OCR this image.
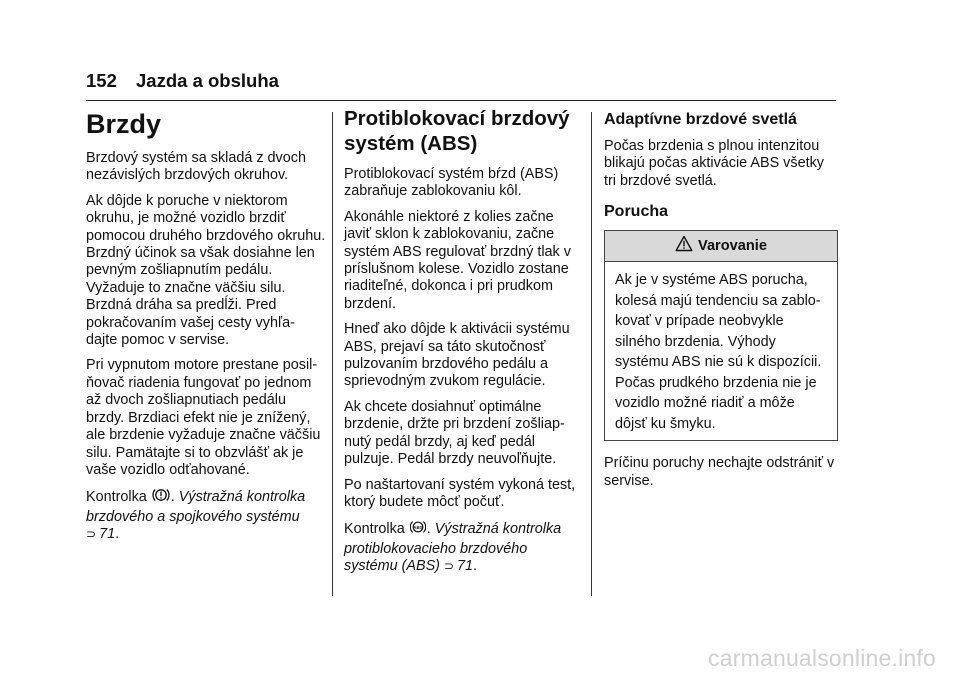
152 Jazda a obsluha
Brzdy

Brzdový systém sa skladá z dvoch nezávislých brzdových okruhov.

Ak dôjde k poruche v niektorom okruhu, je možné vozidlo brzdiť pomocou druhého brzdového okruhu. Brzdný účinok sa však dosiahne len pevným zošliapnutím pedálu. Vyžaduje to značne väčšiu silu. Brzdná dráha sa predĺži. Pred pokračovaním vašej cesty vyhľa-dajte pomoc v servise.

Pri vypnutom motore prestane posil-ňovač riadenia fungovať po jednom až dvoch zošliapnutiach pedálu brzdy. Brzdiaci efekt nie je znížený, ale brzdenie vyžaduje značne väčšiu silu. Pamätajte si to obzvlášť ak je vaše vozidlo odťahované.

Kontrolka . Výstražná kontrolka brzdového a spojkového systému
⊃ 71.

Protiblokovací brzdový systém (ABS)

Protiblokovací systém bŕzd (ABS) zabraňuje zablokovaniu kôl.

Akonáhle niektoré z kolies začne javiť sklon k zablokovaniu, začne systém ABS regulovať brzdný tlak v príslušnom kolese. Vozidlo zostane riaditeľné, dokonca i pri prudkom brzdení.

Hneď ako dôjde k aktivácii systému ABS, prejaví sa táto skutočnosť pulzovaním brzdového pedálu a sprievodným zvukom regulácie.

Ak chcete dosiahnuť optimálne brzdenie, držte pri brzdení zošliap-nutý pedál brzdy, aj keď pedál pulzuje. Pedál brzdy neuvoľňujte.

Po naštartovaní systém vykoná test, ktorý budete môcť počuť.

Kontrolka ABS . Výstražná kontrolka protiblokovacieho brzdového systému (ABS) ⊃ 71.

Adaptívne brzdové svetlá

Počas brzdenia s plnou intenzitou blikajú počas aktivácie ABS všetky tri brzdové svetlá.

Porucha
Varovanie
Ak je v systéme ABS porucha, kolesá majú tendenciu sa zablo-kovať v prípade neobvykle silného brzdenia. Výhody systému ABS nie sú k dispozícii. Počas prudkého brzdenia nie je vozidlo možné riadiť a môže dôjsť ku šmyku.

Príčinu poruchy nechajte odstrániť v servise.

carmanualsonline.info
